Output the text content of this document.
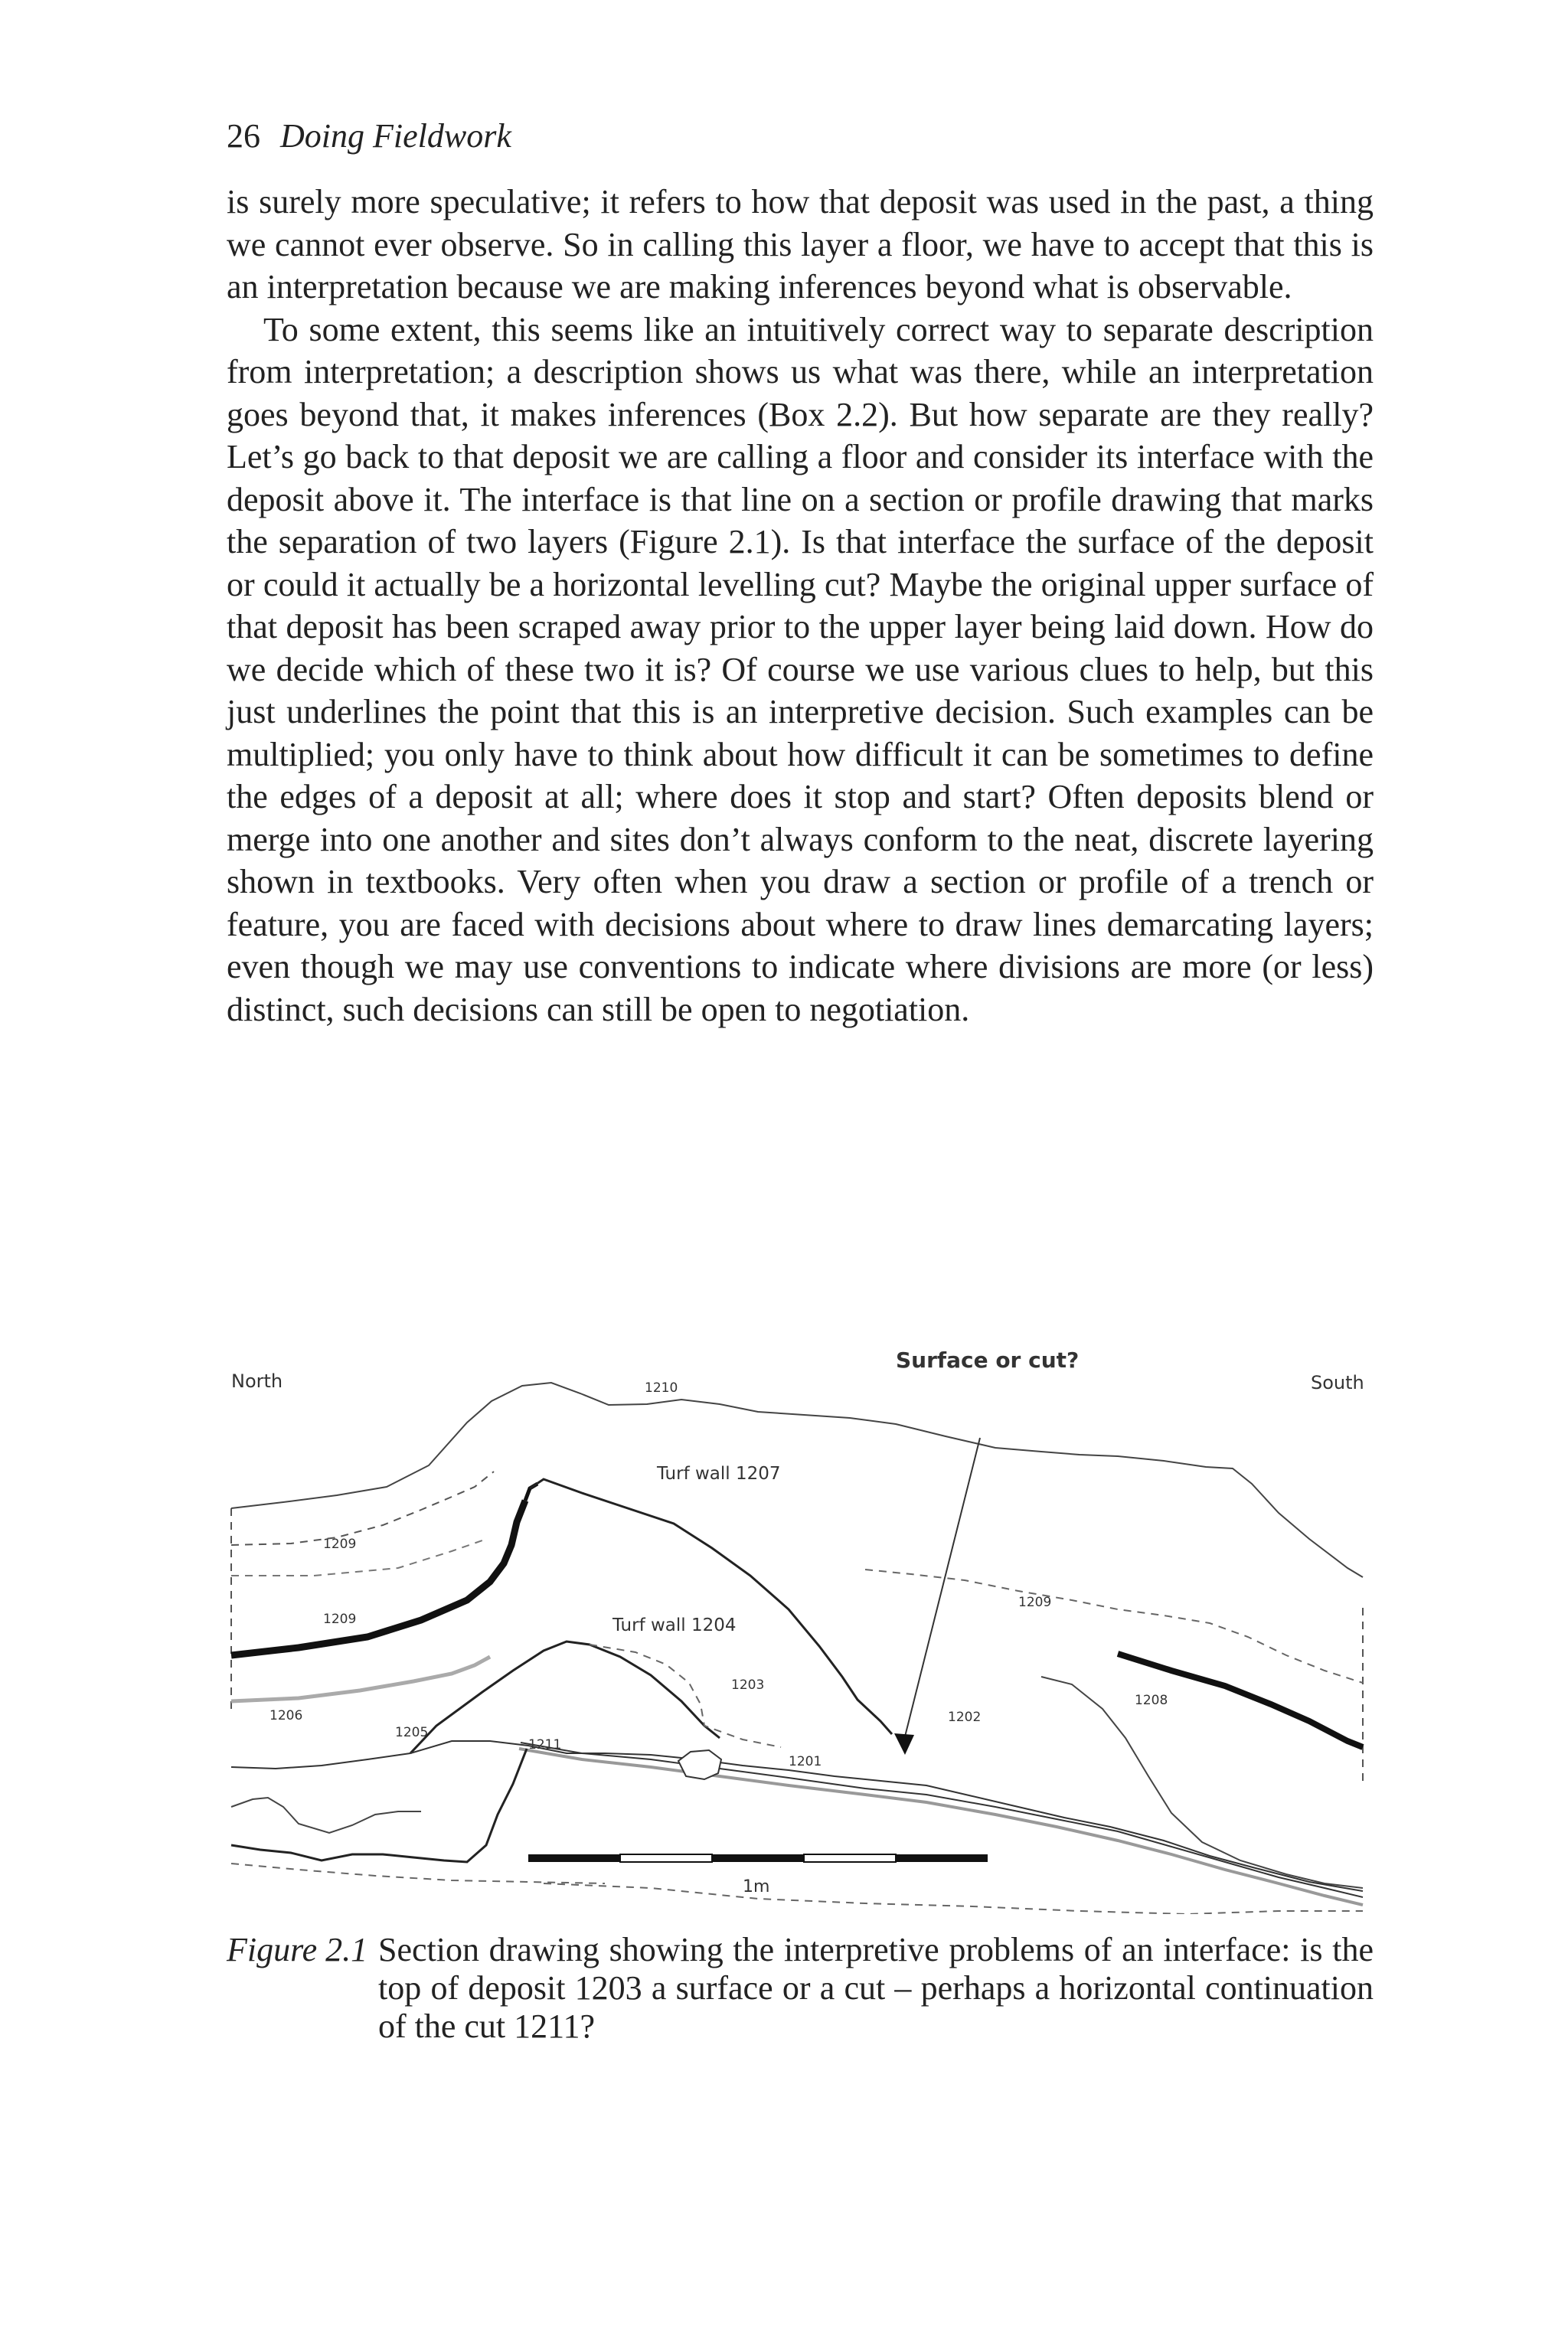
26 Doing Fieldwork

is surely more speculative; it refers to how that deposit was used in the past, a thing we cannot ever observe. So in calling this layer a floor, we have to accept that this is an interpretation because we are making inferences beyond what is observable.

To some extent, this seems like an intuitively correct way to separate description from interpretation; a description shows us what was there, while an interpretation goes beyond that, it makes inferences (Box 2.2). But how separate are they really? Let’s go back to that deposit we are calling a floor and consider its interface with the deposit above it. The interface is that line on a section or profile drawing that marks the separation of two layers (Figure 2.1). Is that interface the surface of the deposit or could it actually be a horizontal levelling cut? Maybe the original upper surface of that deposit has been scraped away prior to the upper layer being laid down. How do we decide which of these two it is? Of course we use various clues to help, but this just underlines the point that this is an interpretive decision. Such examples can be multiplied; you only have to think about how difficult it can be sometimes to define the edges of a deposit at all; where does it stop and start? Often deposits blend or merge into one another and sites don’t always conform to the neat, discrete layering shown in textbooks. Very often when you draw a section or profile of a trench or feature, you are faced with decisions about where to draw lines demarcating layers; even though we may use conventions to indicate where divisions are more (or less) distinct, such decisions can still be open to negotiation.

North	South
Surface or cut?
1210
Turf wall 1207
1209
1209
1209	Turf wall 1204
1203
1202
1208
1206
1205
1211
1201
1m
Figure 2.1 Section drawing showing the interpretive problems of an interface: is the top of deposit 1203 a surface or a cut – perhaps a horizontal continuation of the cut 1211?
